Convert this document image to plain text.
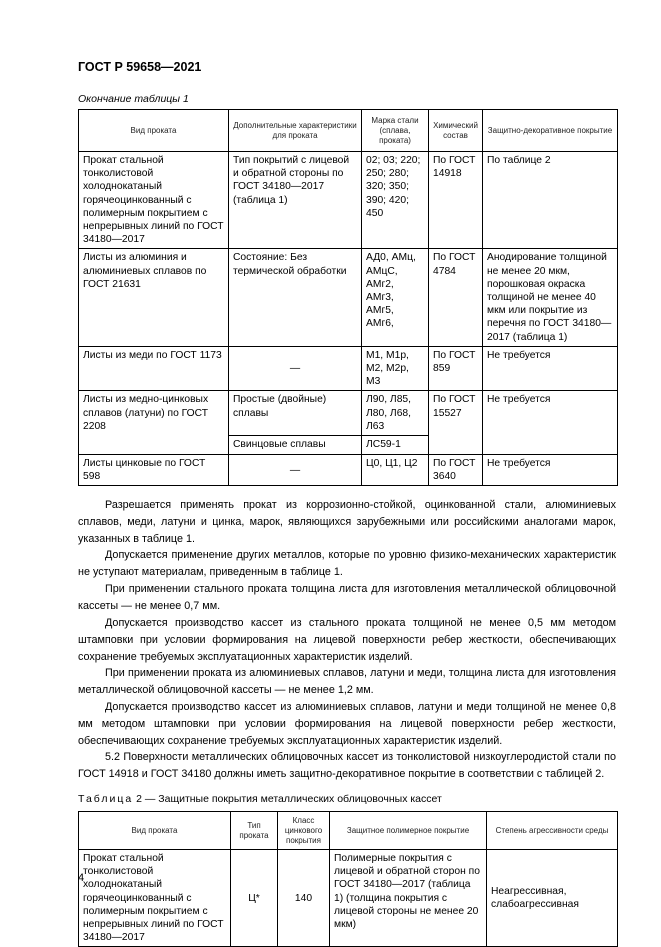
ГОСТ Р 59658—2021
Окончание таблицы 1
Вид проката	Дополнительные характеристики для проката	Марка стали (сплава, проката)	Химический состав	Защитно-декоративное покрытие
Прокат стальной тонколистовой холоднокатаный горячеоцинкованный с полимерным покрытием с непрерывных линий по ГОСТ 34180—2017	Тип покрытий с лицевой и обратной стороны по ГОСТ 34180—2017 (таблица 1)	02; 03; 220; 250; 280; 320; 350; 390; 420; 450	По ГОСТ 14918	По таблице 2
Листы из алюминия и алюминиевых сплавов по ГОСТ 21631	Состояние: Без термической обработки	АД0, АМц, АМцС, АМг2, АМг3, АМг5, АМг6,	По ГОСТ 4784	Анодирование толщиной не менее 20 мкм, порошковая окраска толщиной не менее 40 мкм или покрытие из перечня по ГОСТ 34180—2017 (таблица 1)
Листы из меди по ГОСТ 1173	—	М1, М1р, М2, М2р, М3	По ГОСТ 859	Не требуется
Листы из медно-цинковых сплавов (латуни) по ГОСТ 2208	Простые (двойные) сплавы	Л90, Л85, Л80, Л68, Л63	По ГОСТ 15527	Не требуется
	Свинцовые сплавы	ЛС59-1		
Листы цинковые по ГОСТ 598	—	Ц0, Ц1, Ц2	По ГОСТ 3640	Не требуется

Разрешается применять прокат из коррозионно-стойкой, оцинкованной стали, алюминиевых сплавов, меди, латуни и цинка, марок, являющихся зарубежными или российскими аналогами марок, указанных в таблице 1.

Допускается применение других металлов, которые по уровню физико-механических характеристик не уступают материалам, приведенным в таблице 1.

При применении стального проката толщина листа для изготовления металлической облицовочной кассеты — не менее 0,7 мм.

Допускается производство кассет из стального проката толщиной не менее 0,5 мм методом штамповки при условии формирования на лицевой поверхности ребер жесткости, обеспечивающих сохранение требуемых эксплуатационных характеристик изделий.

При применении проката из алюминиевых сплавов, латуни и меди, толщина листа для изготовления металлической облицовочной кассеты — не менее 1,2 мм.

Допускается производство кассет из алюминиевых сплавов, латуни и меди толщиной не менее 0,8 мм методом штамповки при условии формирования на лицевой поверхности ребер жесткости, обеспечивающих сохранение требуемых эксплуатационных характеристик изделий.

5.2 Поверхности металлических облицовочных кассет из тонколистовой низкоуглеродистой стали по ГОСТ 14918 и ГОСТ 34180 должны иметь защитно-декоративное покрытие в соответствии с таблицей 2.

Таблица 2 — Защитные покрытия металлических облицовочных кассет
Вид проката	Тип проката	Класс цинкового покрытия	Защитное полимерное покрытие	Степень агрессивности среды
Прокат стальной тонколистовой холоднокатаный горячеоцинкованный с полимерным покрытием с непрерывных линий по ГОСТ 34180—2017	Ц*	140	Полимерные покрытия с лицевой и обратной сторон по ГОСТ 34180—2017 (таблица 1) (толщина покрытия с лицевой стороны не менее 20 мкм)	Неагрессивная, слабоагрессивная
4
